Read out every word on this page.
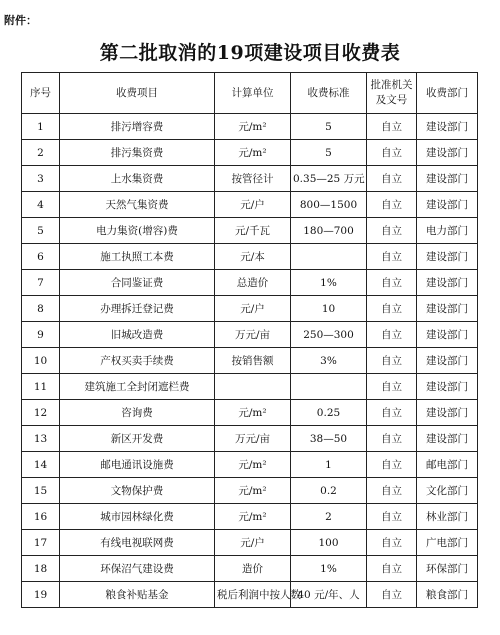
附件：
第二批取消的19项建设项目收费表
序号	收费项目	计算单位	收费标准	批准机关及文号	收费部门
1	排污增容费	元/m²	5	自立	建设部门
2	排污集资费	元/m²	5	自立	建设部门
3	上水集资费	按管径计	0.35—25 万元	自立	建设部门
4	天然气集资费	元/户	800—1500	自立	建设部门
5	电力集资(增容)费	元/千瓦	180—700	自立	电力部门
6	施工执照工本费	元/本		自立	建设部门
7	合同鉴证费	总造价	1%	自立	建设部门
8	办理拆迁登记费	元/户	10	自立	建设部门
9	旧城改造费	万元/亩	250—300	自立	建设部门
10	产权买卖手续费	按销售额	3%	自立	建设部门
11	建筑施工全封闭遮栏费			自立	建设部门
12	咨询费	元/m²	0.25	自立	建设部门
13	新区开发费	万元/亩	38—50	自立	建设部门
14	邮电通讯设施费	元/m²	1	自立	邮电部门
15	文物保护费	元/m²	0.2	自立	文化部门
16	城市园林绿化费	元/m²	2	自立	林业部门
17	有线电视联网费	元/户	100	自立	广电部门
18	环保沼气建设费	造价	1%	自立	环保部门
19	粮食补贴基金	税后利润中按人数	40 元/年、人	自立	粮食部门
